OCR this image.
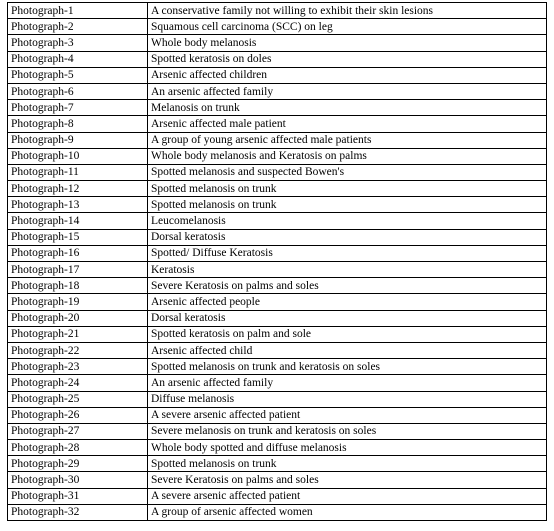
Photograph-1	A conservative family not willing to exhibit their skin lesions
Photograph-2	Squamous cell carcinoma (SCC) on leg
Photograph-3	Whole body melanosis
Photograph-4	Spotted keratosis on doles
Photograph-5	Arsenic affected children
Photograph-6	An arsenic affected family
Photograph-7	Melanosis on trunk
Photograph-8	Arsenic affected male patient
Photograph-9	A group of young arsenic affected male patients
Photograph-10	Whole body melanosis and Keratosis on palms
Photograph-11	Spotted melanosis and suspected Bowen's
Photograph-12	Spotted melanosis on trunk
Photograph-13	Spotted melanosis on trunk
Photograph-14	Leucomelanosis
Photograph-15	Dorsal keratosis
Photograph-16	Spotted/ Diffuse Keratosis
Photograph-17	Keratosis
Photograph-18	Severe Keratosis on palms and soles
Photograph-19	Arsenic affected people
Photograph-20	Dorsal keratosis
Photograph-21	Spotted keratosis on palm and sole
Photograph-22	Arsenic affected child
Photograph-23	Spotted melanosis on trunk and keratosis on soles
Photograph-24	An arsenic affected family
Photograph-25	Diffuse melanosis
Photograph-26	A severe arsenic affected patient
Photograph-27	Severe melanosis on trunk and keratosis on soles
Photograph-28	Whole body spotted and diffuse melanosis
Photograph-29	Spotted melanosis on trunk
Photograph-30	Severe Keratosis on palms and soles
Photograph-31	A severe arsenic affected patient
Photograph-32	A group of arsenic affected women
